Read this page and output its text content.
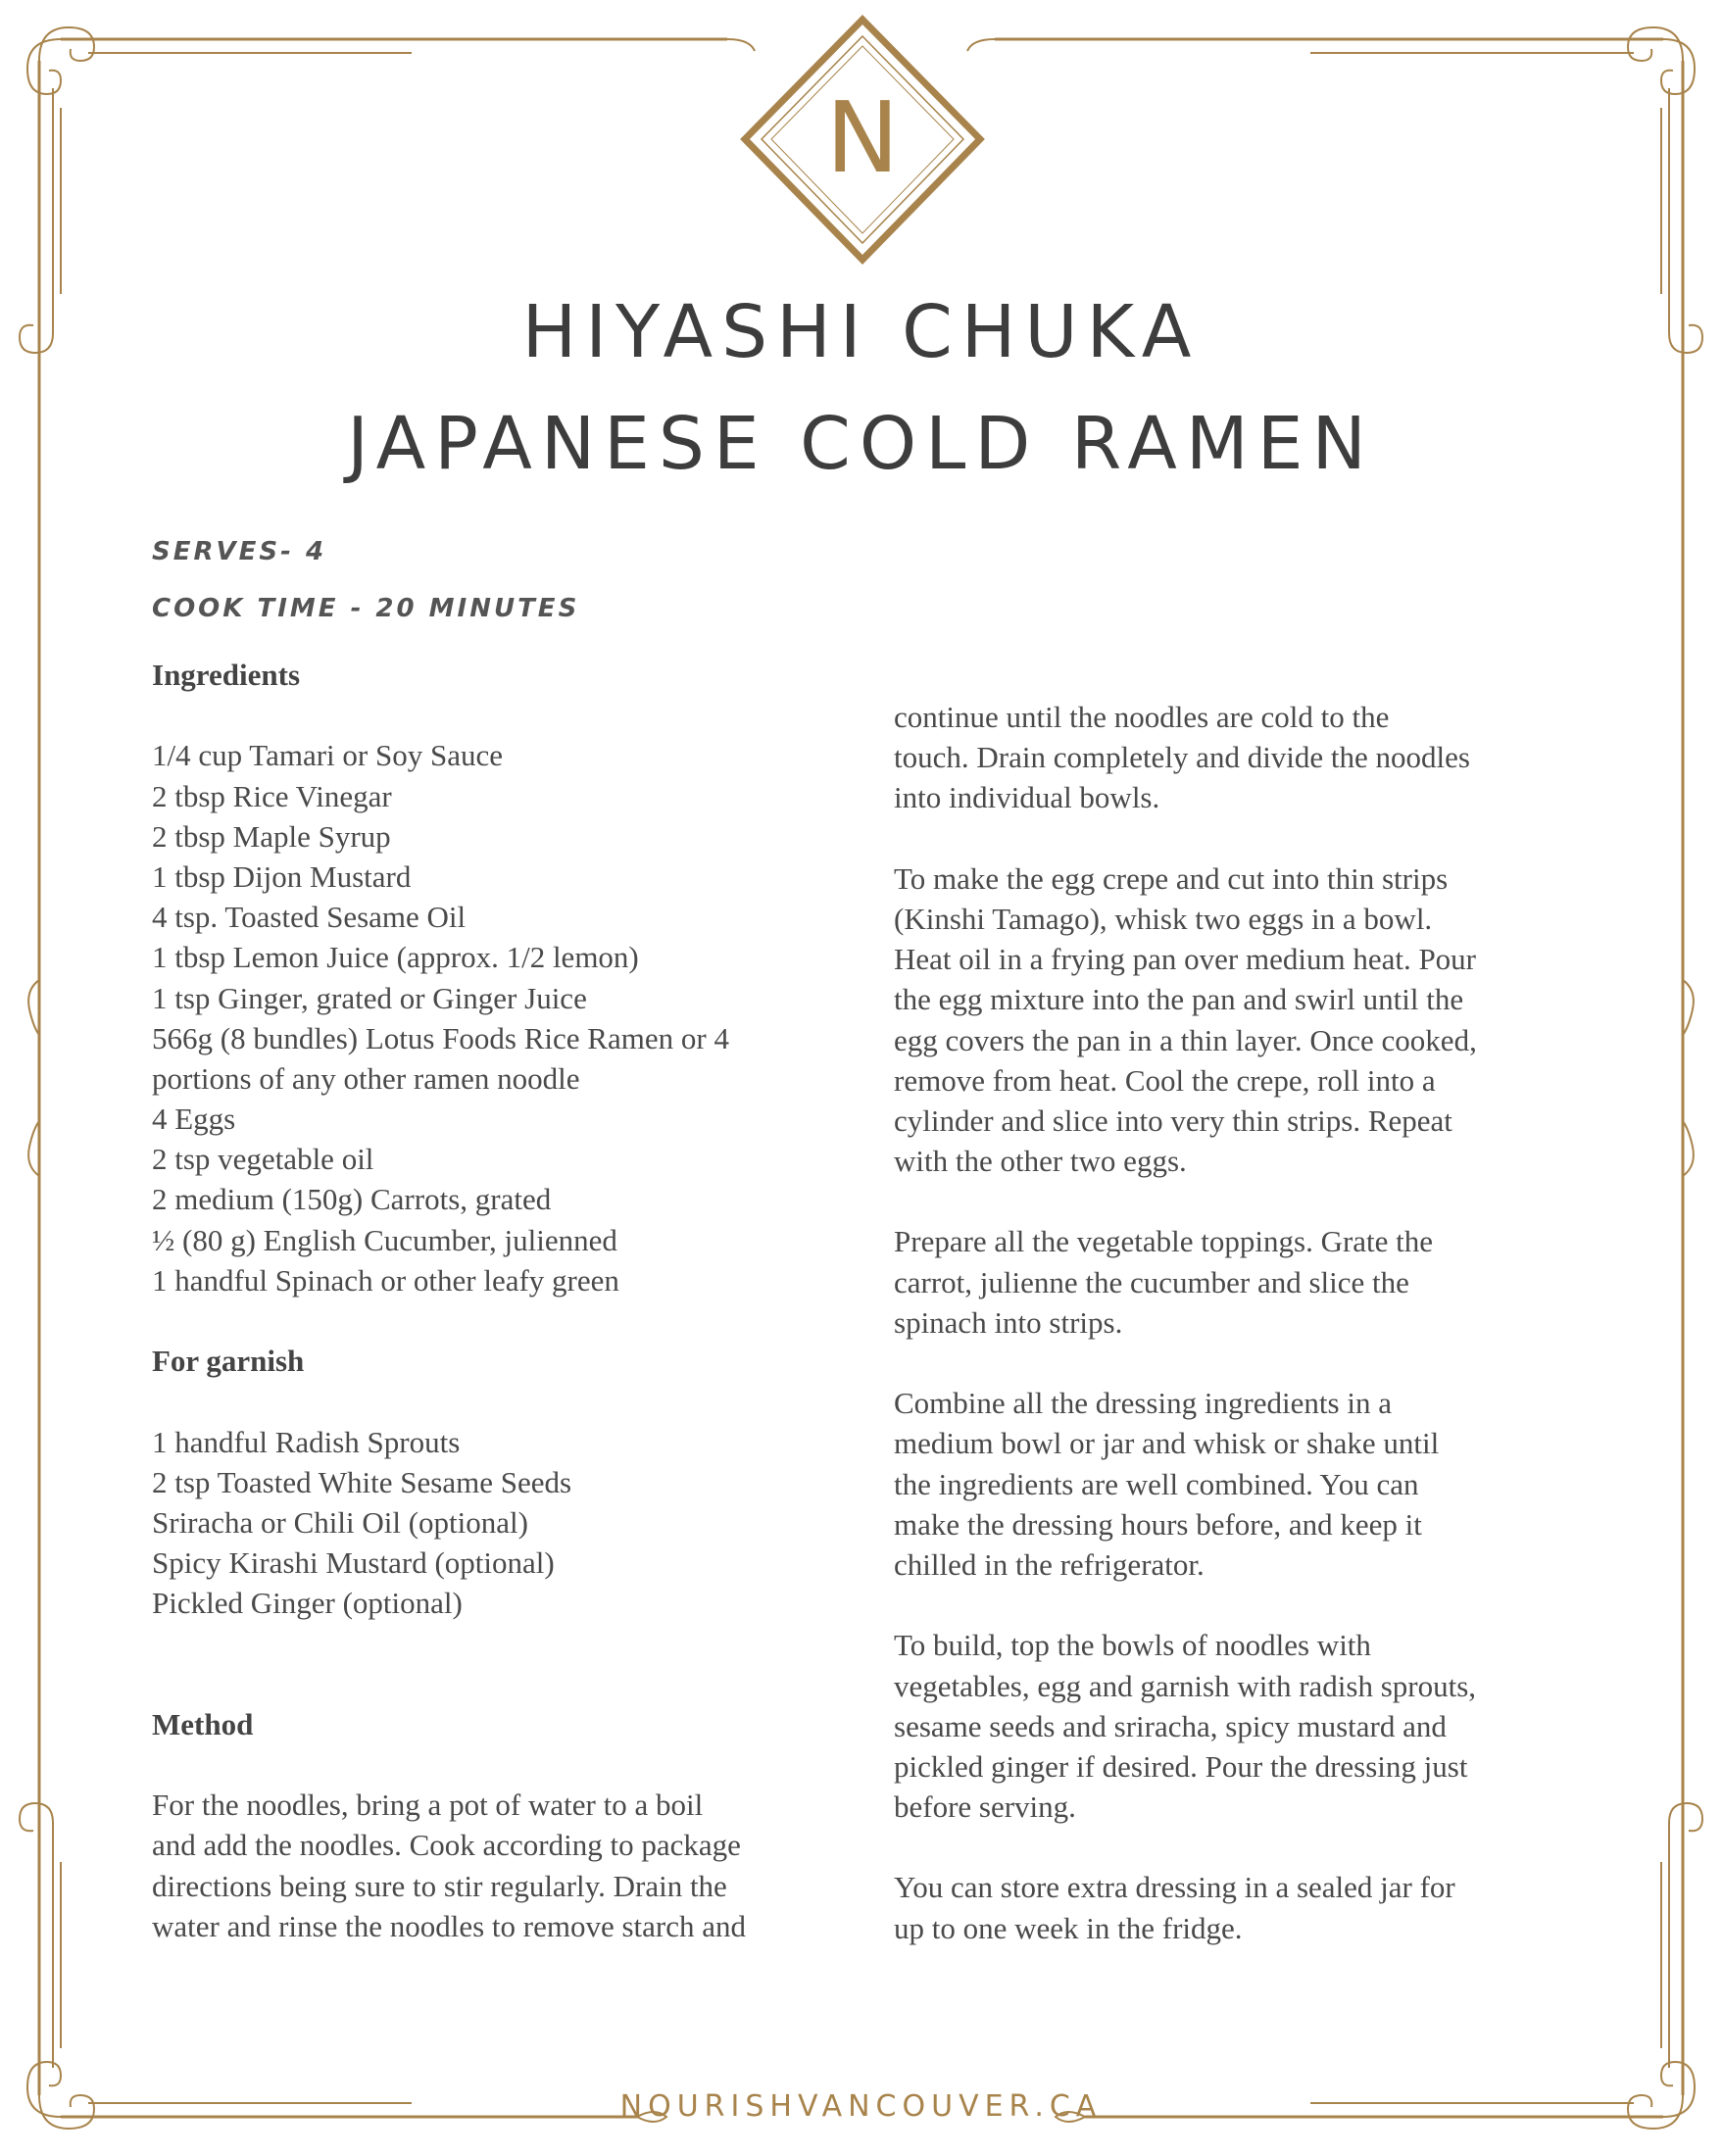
N
HIYASHI CHUKA
JAPANESE COLD RAMEN

SERVES- 4

COOK TIME - 20 MINUTES

Ingredients

1/4 cup Tamari or Soy Sauce

2 tbsp Rice Vinegar

2 tbsp Maple Syrup

1 tbsp Dijon Mustard

4 tsp. Toasted Sesame Oil

1 tbsp Lemon Juice (approx. 1/2 lemon)

1 tsp Ginger, grated or Ginger Juice

566g (8 bundles) Lotus Foods Rice Ramen or 4

portions of any other ramen noodle

4 Eggs

2 tsp vegetable oil

2 medium (150g) Carrots, grated

½ (80 g) English Cucumber, julienned

1 handful Spinach or other leafy green

For garnish

1 handful Radish Sprouts

2 tsp Toasted White Sesame Seeds

Sriracha or Chili Oil (optional)

Spicy Kirashi Mustard (optional)

Pickled Ginger (optional)

Method

For the noodles, bring a pot of water to a boil

and add the noodles. Cook according to package

directions being sure to stir regularly. Drain the

water and rinse the noodles to remove starch and

continue until the noodles are cold to the

touch. Drain completely and divide the noodles

into individual bowls.

To make the egg crepe and cut into thin strips

(Kinshi Tamago), whisk two eggs in a bowl.

Heat oil in a frying pan over medium heat. Pour

the egg mixture into the pan and swirl until the

egg covers the pan in a thin layer. Once cooked,

remove from heat. Cool the crepe, roll into a

cylinder and slice into very thin strips. Repeat

with the other two eggs.

Prepare all the vegetable toppings. Grate the

carrot, julienne the cucumber and slice the

spinach into strips.

Combine all the dressing ingredients in a

medium bowl or jar and whisk or shake until

the ingredients are well combined. You can

make the dressing hours before, and keep it

chilled in the refrigerator.

To build, top the bowls of noodles with

vegetables, egg and garnish with radish sprouts,

sesame seeds and sriracha, spicy mustard and

pickled ginger if desired. Pour the dressing just

before serving.

You can store extra dressing in a sealed jar for

up to one week in the fridge.

NOURISHVANCOUVER.CA
